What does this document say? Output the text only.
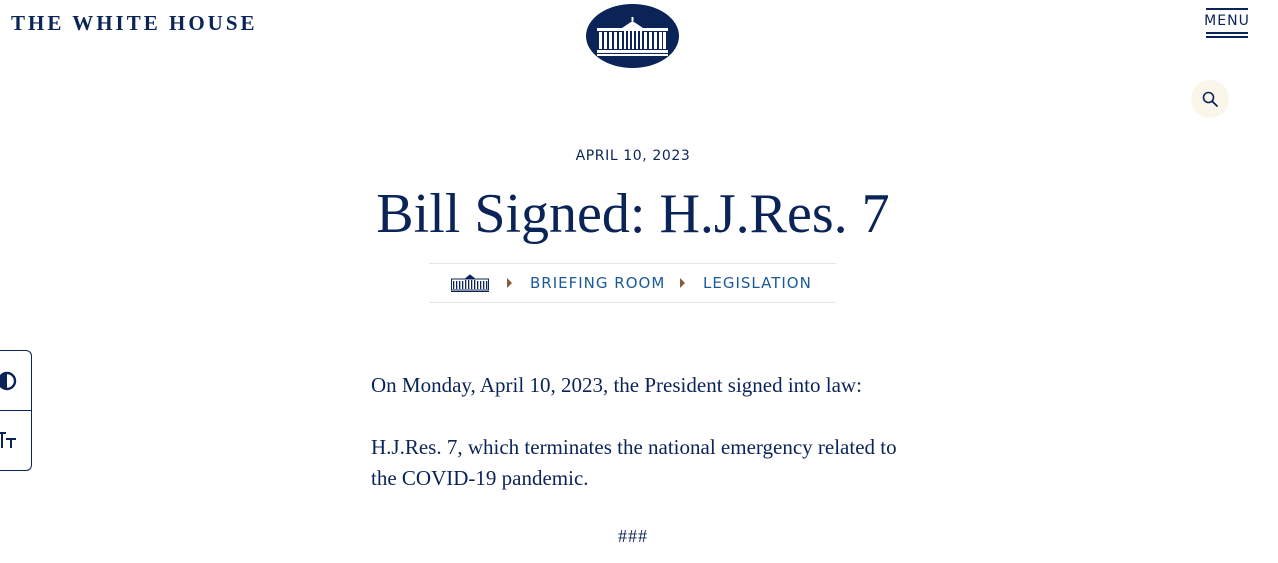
THE WHITE HOUSE	MENU
APRIL 10, 2023
Bill Signed: H.J.Res. 7
BRIEFING ROOM	LEGISLATION

On Monday, April 10, 2023, the President signed into law:

H.J.Res. 7, which terminates the national emergency related to the COVID-19 pandemic.

###
